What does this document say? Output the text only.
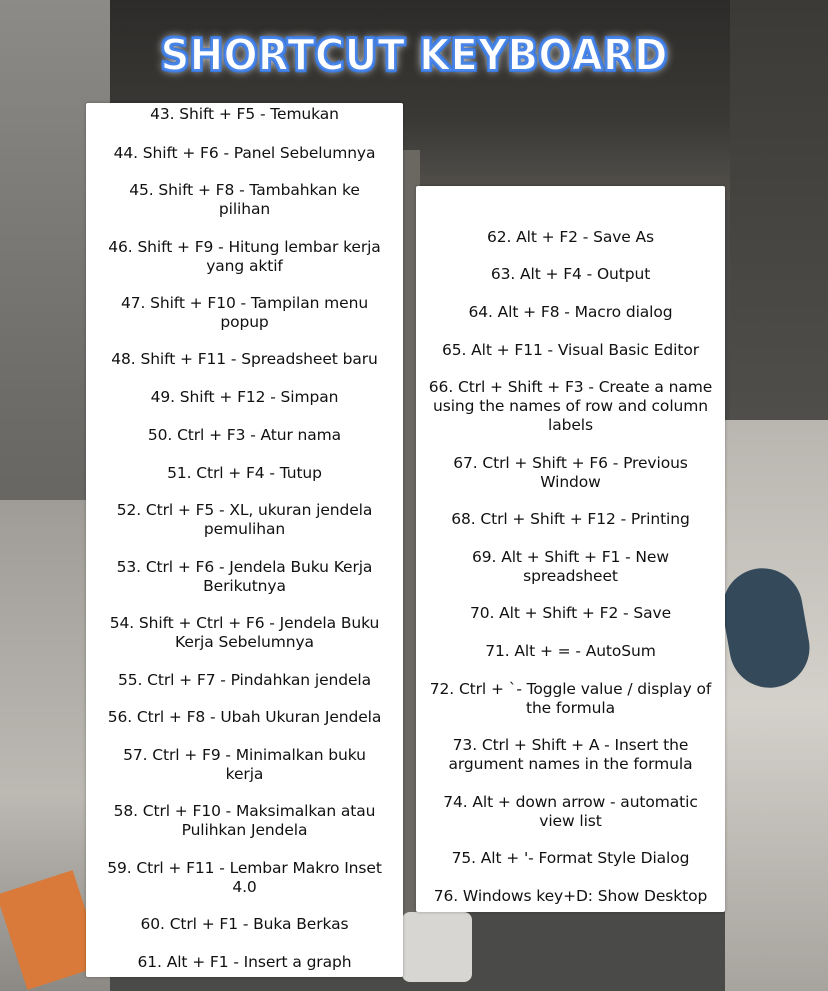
SHORTCUT KEYBOARD
43. Shift + F5 - Temukan
44. Shift + F6 - Panel Sebelumnya
45. Shift + F8 - Tambahkan ke pilihan
46. Shift + F9 - Hitung lembar kerja yang aktif
47. Shift + F10 - Tampilan menu popup
48. Shift + F11 - Spreadsheet baru
49. Shift + F12 - Simpan
50. Ctrl + F3 - Atur nama
51. Ctrl + F4 - Tutup
52. Ctrl + F5 - XL, ukuran jendela pemulihan
53. Ctrl + F6 - Jendela Buku Kerja Berikutnya
54. Shift + Ctrl + F6 - Jendela Buku Kerja Sebelumnya
55. Ctrl + F7 - Pindahkan jendela
56. Ctrl + F8 - Ubah Ukuran Jendela
57. Ctrl + F9 - Minimalkan buku kerja
58. Ctrl + F10 - Maksimalkan atau Pulihkan Jendela
59. Ctrl + F11 - Lembar Makro Inset 4.0
60. Ctrl + F1 - Buka Berkas
61. Alt + F1 - Insert a graph
62. Alt + F2 - Save As
63. Alt + F4 - Output
64. Alt + F8 - Macro dialog
65. Alt + F11 - Visual Basic Editor
66. Ctrl + Shift + F3 - Create a name using the names of row and column labels
67. Ctrl + Shift + F6 - Previous Window
68. Ctrl + Shift + F12 - Printing
69. Alt + Shift + F1 - New spreadsheet
70. Alt + Shift + F2 - Save
71. Alt + = - AutoSum
72. Ctrl + `- Toggle value / display of the formula
73. Ctrl + Shift + A - Insert the argument names in the formula
74. Alt + down arrow - automatic view list
75. Alt + '- Format Style Dialog
76. Windows key+D: Show Desktop
